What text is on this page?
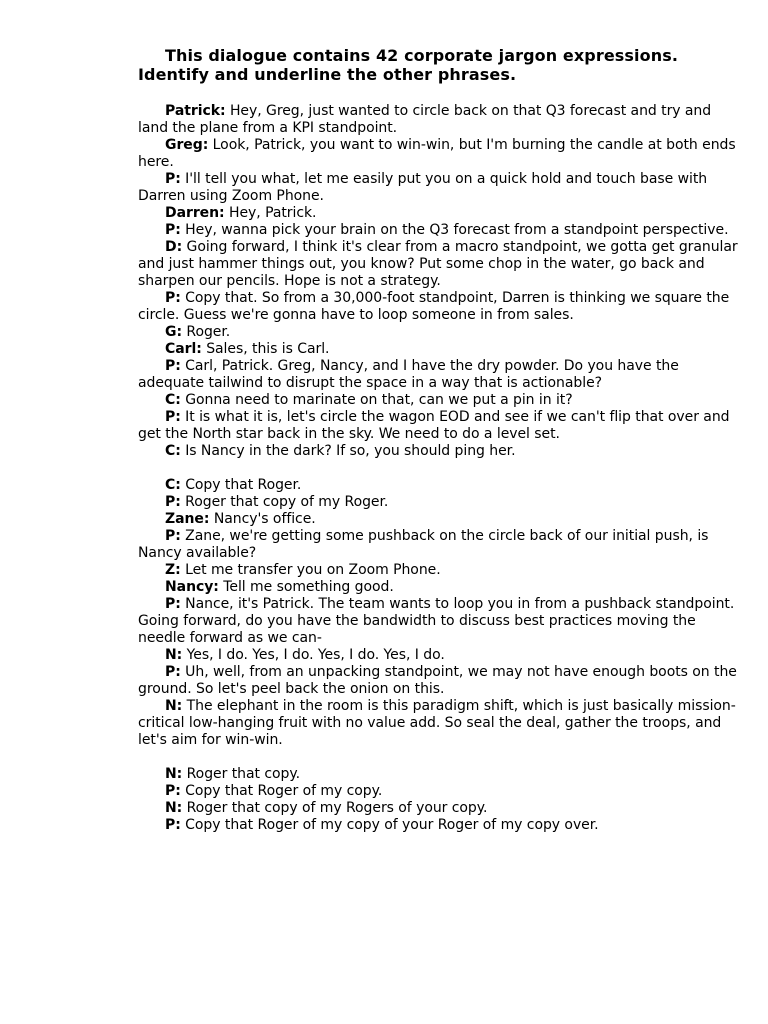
This dialogue contains 42 corporate jargon expressions. Identify and underline the other phrases.

Patrick: Hey, Greg, just wanted to circle back on that Q3 forecast and try and land the plane from a KPI standpoint.

Greg: Look, Patrick, you want to win-win, but I'm burning the candle at both ends here.

P: I'll tell you what, let me easily put you on a quick hold and touch base with Darren using Zoom Phone.

Darren: Hey, Patrick.

P: Hey, wanna pick your brain on the Q3 forecast from a standpoint perspective.

D: Going forward, I think it's clear from a macro standpoint, we gotta get granular and just hammer things out, you know? Put some chop in the water, go back and sharpen our pencils. Hope is not a strategy.

P: Copy that. So from a 30,000-foot standpoint, Darren is thinking we square the circle. Guess we're gonna have to loop someone in from sales.

G: Roger.

Carl: Sales, this is Carl.

P: Carl, Patrick. Greg, Nancy, and I have the dry powder. Do you have the adequate tailwind to disrupt the space in a way that is actionable?

C: Gonna need to marinate on that, can we put a pin in it?

P: It is what it is, let's circle the wagon EOD and see if we can't flip that over and get the North star back in the sky. We need to do a level set.

C: Is Nancy in the dark? If so, you should ping her.

C: Copy that Roger.

P: Roger that copy of my Roger.

Zane: Nancy's office.

P: Zane, we're getting some pushback on the circle back of our initial push, is Nancy available?

Z: Let me transfer you on Zoom Phone.

Nancy: Tell me something good.

P: Nance, it's Patrick. The team wants to loop you in from a pushback standpoint. Going forward, do you have the bandwidth to discuss best practices moving the needle forward as we can-

N: Yes, I do. Yes, I do. Yes, I do. Yes, I do.

P: Uh, well, from an unpacking standpoint, we may not have enough boots on the ground. So let's peel back the onion on this.

N: The elephant in the room is this paradigm shift, which is just basically mission-critical low-hanging fruit with no value add. So seal the deal, gather the troops, and let's aim for win-win.

N: Roger that copy.

P: Copy that Roger of my copy.

N: Roger that copy of my Rogers of your copy.

P: Copy that Roger of my copy of your Roger of my copy over.
